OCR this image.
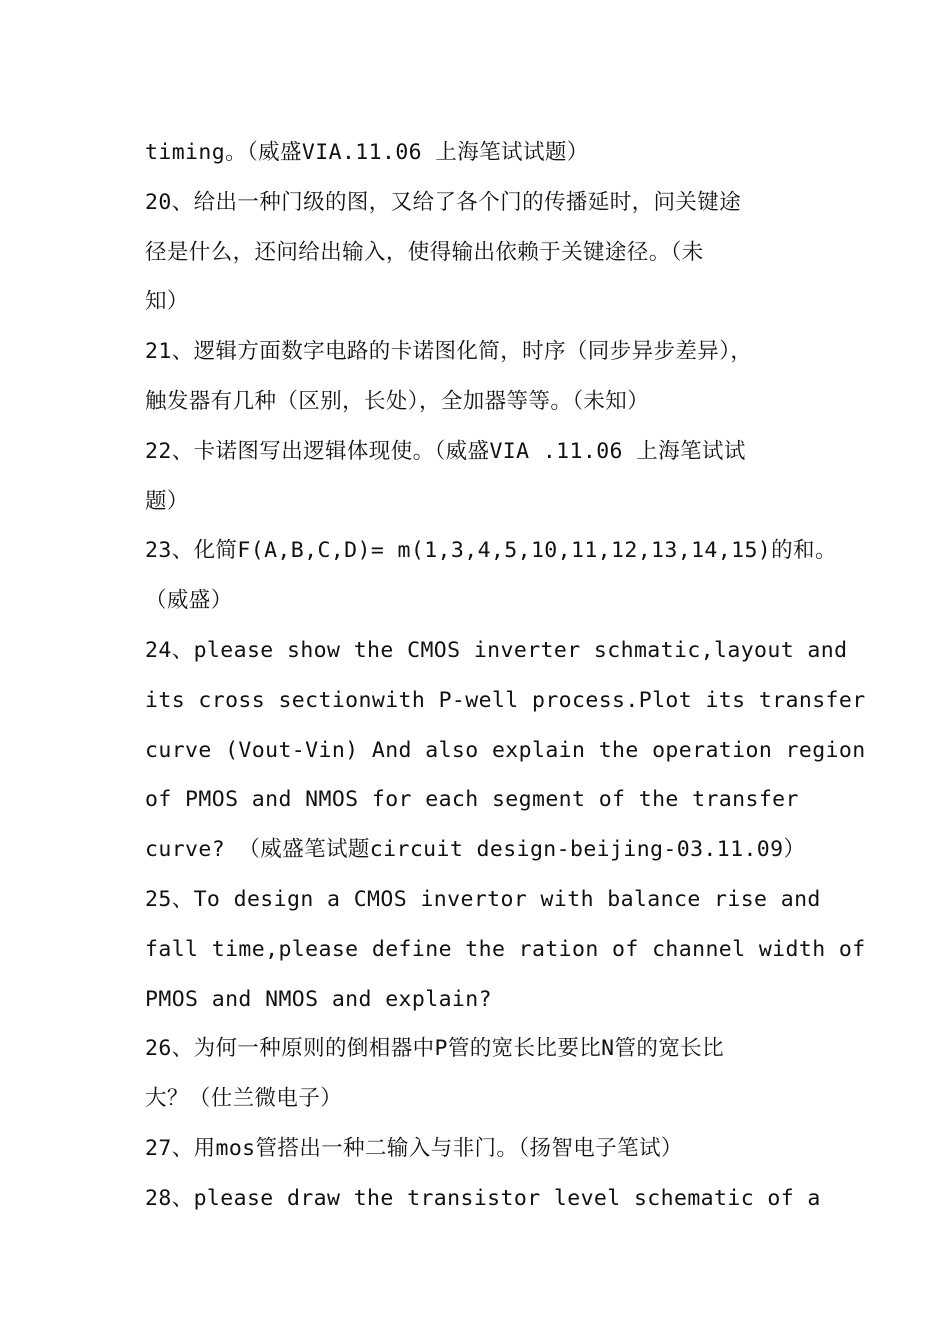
timing。（威盛VIA.11.06 上海笔试试题）
20、给出一种门级的图，又给了各个门的传播延时，问关键途
径是什么，还问给出输入，使得输出依赖于关键途径。（未
知）
21、逻辑方面数字电路的卡诺图化简，时序（同步异步差异），
触发器有几种（区别，长处），全加器等等。（未知）
22、卡诺图写出逻辑体现使。（威盛VIA .11.06 上海笔试试
题）
23、化简F(A,B,C,D)= m(1,3,4,5,10,11,12,13,14,15)的和。
（威盛）
24、please show the CMOS inverter schmatic,layout and
its cross sectionwith P-well process.Plot its transfer
curve (Vout-Vin) And also explain the operation region
of PMOS and NMOS for each segment of the transfer
curve? （威盛笔试题circuit design-beijing-03.11.09）
25、To design a CMOS invertor with balance rise and
fall time,please define the ration of channel width of
PMOS and NMOS and explain?
26、为何一种原则的倒相器中P管的宽长比要比N管的宽长比
大？（仕兰微电子）
27、用mos管搭出一种二输入与非门。（扬智电子笔试）
28、please draw the transistor level schematic of a
